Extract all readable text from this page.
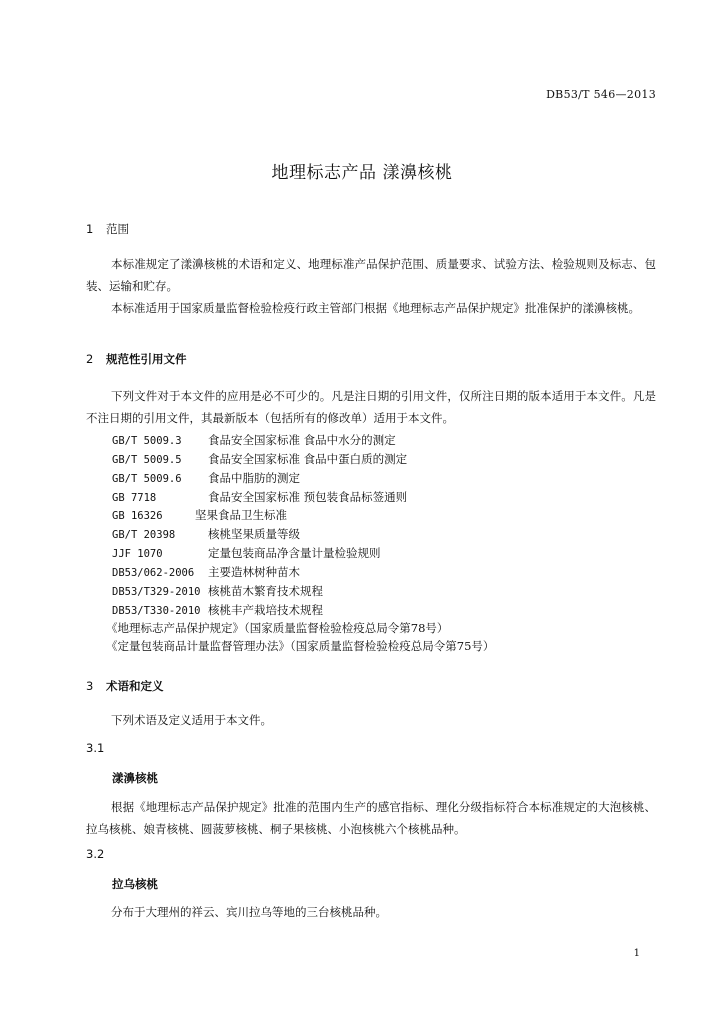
DB53/T 546—2013
地理标志产品 漾濞核桃
1 范围
本标准规定了漾濞核桃的术语和定义、地理标准产品保护范围、质量要求、试验方法、检验规则及标志、包装、运输和贮存。
本标准适用于国家质量监督检验检疫行政主管部门根据《地理标志产品保护规定》批准保护的漾濞核桃。
2 规范性引用文件
下列文件对于本文件的应用是必不可少的。凡是注日期的引用文件，仅所注日期的版本适用于本文件。凡是不注日期的引用文件，其最新版本（包括所有的修改单）适用于本文件。
GB/T 5009.3 食品安全国家标准 食品中水分的测定
GB/T 5009.5 食品安全国家标准 食品中蛋白质的测定
GB/T 5009.6 食品中脂肪的测定
GB 7718	食品安全国家标准 预包装食品标签通则
GB 16326	坚果食品卫生标准
GB/T 20398	核桃坚果质量等级
JJF 1070	定量包装商品净含量计量检验规则
DB53/062-2006 主要造林树种苗木
DB53/T329-2010 核桃苗木繁育技术规程
DB53/T330-2010 核桃丰产栽培技术规程
《地理标志产品保护规定》（国家质量监督检验检疫总局令第78号）
《定量包装商品计量监督管理办法》（国家质量监督检验检疫总局令第75号）
3 术语和定义
下列术语及定义适用于本文件。
3.1
漾濞核桃
根据《地理标志产品保护规定》批准的范围内生产的感官指标、理化分级指标符合本标准规定的大泡核桃、拉乌核桃、娘青核桃、圆菠萝核桃、桐子果核桃、小泡核桃六个核桃品种。
3.2
拉乌核桃
分布于大理州的祥云、宾川拉乌等地的三台核桃品种。
1
